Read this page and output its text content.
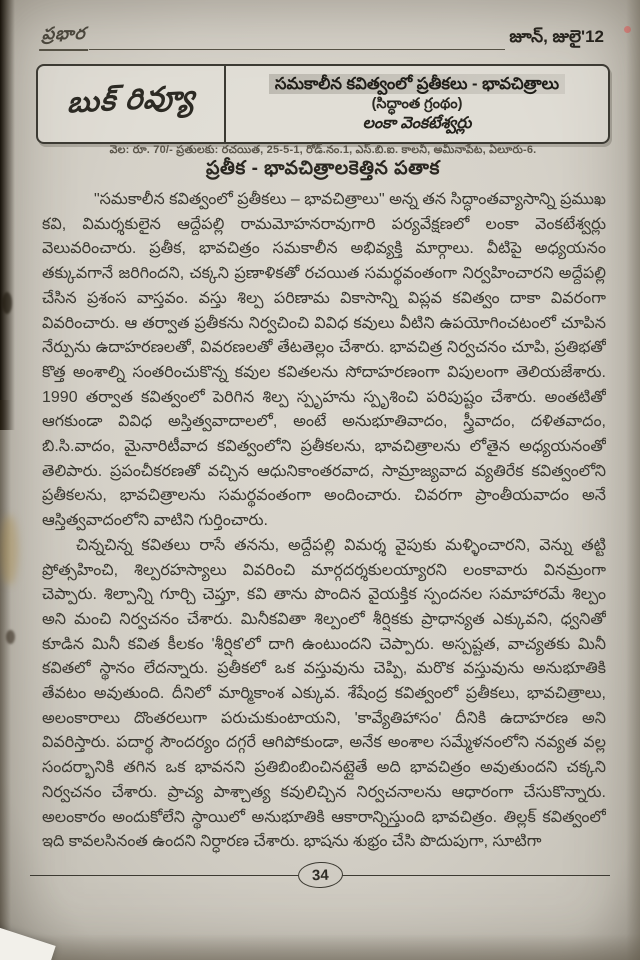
ప్రభార	జూన్, జులై'12
బుక్ రివ్యూ	సమకాలీన కవిత్వంలో ప్రతీకలు - భావచిత్రాలు
(సిద్ధాంత గ్రంథం)
లంకా వెంకటేశ్వర్లు
వెల: రూ. 70/- ప్రతులకు: రచయిత, 25-5-1, రోడ్.నం.1, ఎస్.బి.ఐ. కాలనీ, అమీనాపేట, ఏలూరు-6.
ప్రతీక - భావచిత్రాలకెత్తిన పతాక

"సమకాలీన కవిత్వంలో ప్రతీకలు – భావచిత్రాలు" అన్న తన సిద్ధాంతవ్యాసాన్ని ప్రముఖ కవి, విమర్శకులైన ఆద్దేపల్లి రామమోహనరావుగారి పర్యవేక్షణలో లంకా వెంకటేశ్వర్లు వెలువరించారు. ప్రతీక, భావచిత్రం సమకాలీన అభివ్యక్తి మార్గాలు. వీటిపై అధ్యయనం తక్కువగానే జరిగిందని, చక్కని ప్రణాళికతో రచయిత సమర్థవంతంగా నిర్వహించారని అద్దేపల్లి చేసిన ప్రశంస వాస్తవం. వస్తు శిల్ప పరిణామ వికాసాన్ని విప్లవ కవిత్వం దాకా వివరంగా వివరించారు. ఆ తర్వాత ప్రతీకను నిర్వచించి వివిధ కవులు వీటిని ఉపయోగించటంలో చూపిన నేర్పును ఉదాహరణలతో, వివరణలతో తేటతెల్లం చేశారు. భావచిత్ర నిర్వచనం చూపి, ప్రతిభతో కొత్త అంశాల్ని సంతరించుకొన్న కవుల కవితలను సోదాహరణంగా విపులంగా తెలియజేశారు. 1990 తర్వాత కవిత్వంలో పెరిగిన శిల్ప స్పృహను స్పృశించి పరిపుష్టం చేశారు. అంతటితో ఆగకుండా వివిధ అస్తిత్వవాదాలలో, అంటే అనుభూతివాదం, స్త్రీవాదం, దళితవాదం, బి.సి.వాదం, మైనారిటీవాద కవిత్వంలోని ప్రతీకలను, భావచిత్రాలను లోతైన అధ్యయనంతో తెలిపారు. ప్రపంచీకరణతో వచ్చిన ఆధునికాంతరవాద, సామ్రాజ్యవాద వ్యతిరేక కవిత్వంలోని ప్రతీకలను, భావచిత్రాలను సమర్థవంతంగా అందించారు. చివరగా ప్రాంతీయవాదం అనే ఆస్తిత్వవాదంలోని వాటిని గుర్తించారు.

చిన్నచిన్న కవితలు రాసే తనను, అద్దేపల్లి విమర్శ వైపుకు మళ్ళించారని, వెన్ను తట్టి ప్రోత్సహించి, శిల్పరహస్యాలు వివరించి మార్గదర్శకులయ్యారని లంకావారు వినమ్రంగా చెప్పారు. శిల్పాన్ని గూర్చి చెప్తూ, కవి తాను పొందిన వైయక్తిక స్పందనల సమాహారమే శిల్పం అని మంచి నిర్వచనం చేశారు. మినీకవితా శిల్పంలో శీర్షికకు ప్రాధాన్యత ఎక్కువని, ధ్వనితో కూడిన మినీ కవిత కీలకం 'శీర్షిక'లో దాగి ఉంటుందని చెప్పారు. అస్పష్టత, వాచ్యతకు మినీ కవితలో స్థానం లేదన్నారు. ప్రతీకలో ఒక వస్తువును చెప్పి, మరొక వస్తువును అనుభూతికి తేవటం అవుతుంది. దీనిలో మార్మికాంశ ఎక్కువ. శేషేంద్ర కవిత్వంలో ప్రతీకలు, భావచిత్రాలు, అలంకారాలు దొంతరలుగా పరుచుకుంటాయని, 'కావ్యేతిహాసం' దీనికి ఉదాహరణ అని వివరిస్తారు. పదార్థ సౌందర్యం దగ్గరే ఆగిపోకుండా, అనేక అంశాల సమ్మేళనంలోని నవ్యత వల్ల సందర్భానికి తగిన ఒక భావనని ప్రతిబింబించినట్లైతే అది భావచిత్రం అవుతుందని చక్కని నిర్వచనం చేశారు. ప్రాచ్య పాశ్చాత్య కవులిచ్చిన నిర్వచనాలను ఆధారంగా చేసుకొన్నారు. అలంకారం అందుకోలేని స్థాయిలో అనుభూతికి ఆకారాన్నిస్తుంది భావచిత్రం. తిల్లక్ కవిత్వంలో ఇది కావలసినంత ఉందని నిర్ధారణ చేశారు. భాషను శుభ్రం చేసి పొదుపుగా, సూటిగా

34
